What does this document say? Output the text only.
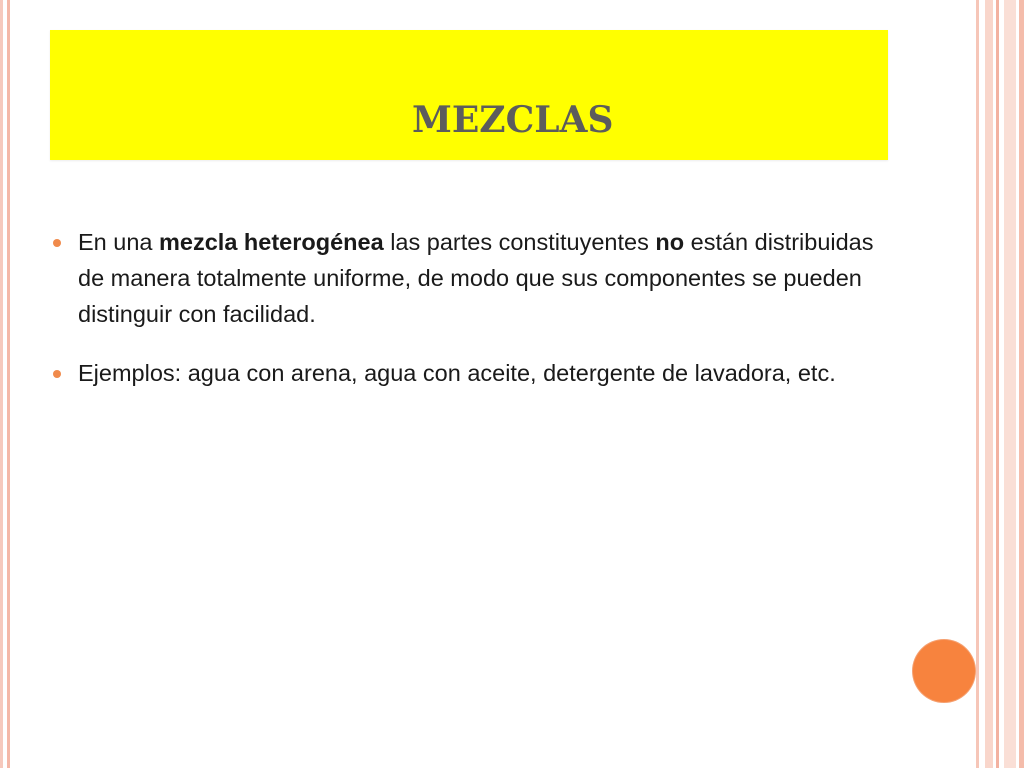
MEZCLAS
En una mezcla heterogénea las partes constituyentes no están distribuidas de manera totalmente uniforme, de modo que sus componentes se pueden distinguir con facilidad.
Ejemplos: agua con arena, agua con aceite, detergente de lavadora, etc.
